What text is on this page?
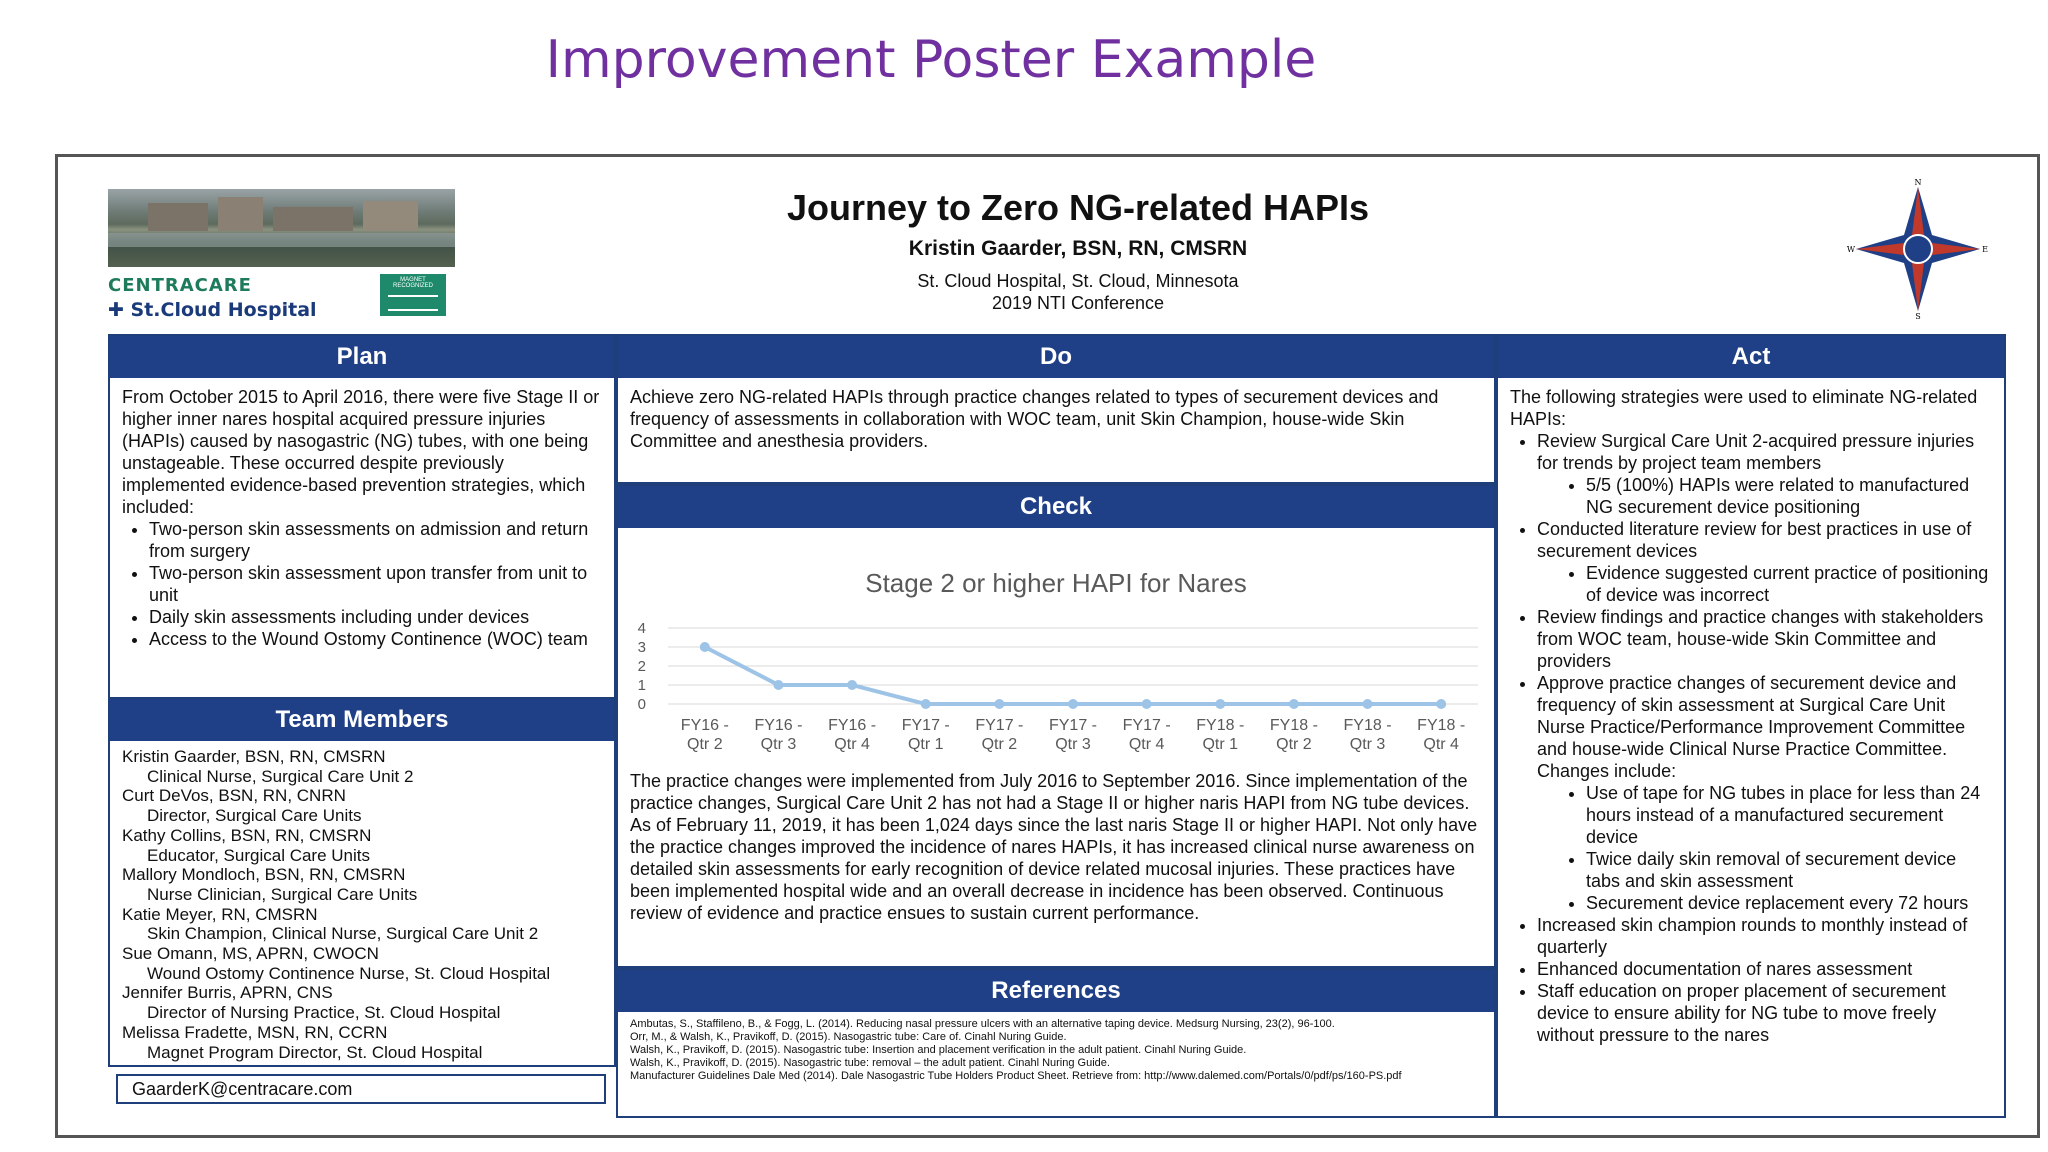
Improvement Poster Example
CENTRACARE
✚ St.Cloud Hospital
MAGNET RECOGNIZED
Journey to Zero NG-related HAPIs
Kristin Gaarder, BSN, RN, CMSRN
St. Cloud Hospital, St. Cloud, Minnesota
2019 NTI Conference
N
S
E
W
Plan
From October 2015 to April 2016, there were five Stage II or higher inner nares hospital acquired pressure injuries (HAPIs) caused by nasogastric (NG) tubes, with one being unstageable. These occurred despite previously implemented evidence-based prevention strategies, which included:
• Two-person skin assessments on admission and return from surgery
• Two-person skin assessment upon transfer from unit to unit
• Daily skin assessments including under devices
• Access to the Wound Ostomy Continence (WOC) team
Team Members
Kristin Gaarder, BSN, RN, CMSRN
Clinical Nurse, Surgical Care Unit 2
Curt DeVos, BSN, RN, CNRN
Director, Surgical Care Units
Kathy Collins, BSN, RN, CMSRN
Educator, Surgical Care Units
Mallory Mondloch, BSN, RN, CMSRN
Nurse Clinician, Surgical Care Units
Katie Meyer, RN, CMSRN
Skin Champion, Clinical Nurse, Surgical Care Unit 2
Sue Omann, MS, APRN, CWOCN
Wound Ostomy Continence Nurse, St. Cloud Hospital
Jennifer Burris, APRN, CNS
Director of Nursing Practice, St. Cloud Hospital
Melissa Fradette, MSN, RN, CCRN
Magnet Program Director, St. Cloud Hospital
GaarderK@centracare.com
Do
Achieve zero NG-related HAPIs through practice changes related to types of securement devices and frequency of assessments in collaboration with WOC team, unit Skin Champion, house-wide Skin Committee and anesthesia providers.
Check
Stage 2 or higher HAPI for Nares
0
1
2
3
4
FY16 -
Qtr 2
FY16 -
Qtr 3
FY16 -
Qtr 4
FY17 -
Qtr 1
FY17 -
Qtr 2
FY17 -
Qtr 3
FY17 -
Qtr 4
FY18 -
Qtr 1
FY18 -
Qtr 2
FY18 -
Qtr 3
FY18 -
Qtr 4
The practice changes were implemented from July 2016 to September 2016. Since implementation of the practice changes, Surgical Care Unit 2 has not had a Stage II or higher naris HAPI from NG tube devices. As of February 11, 2019, it has been 1,024 days since the last naris Stage II or higher HAPI. Not only have the practice changes improved the incidence of nares HAPIs, it has increased clinical nurse awareness on detailed skin assessments for early recognition of device related mucosal injuries. These practices have been implemented hospital wide and an overall decrease in incidence has been observed. Continuous review of evidence and practice ensues to sustain current performance.
References
Ambutas, S., Staffileno, B., & Fogg, L. (2014). Reducing nasal pressure ulcers with an alternative taping device. Medsurg Nursing, 23(2), 96-100.
Orr, M., & Walsh, K., Pravikoff, D. (2015). Nasogastric tube: Care of. Cinahl Nuring Guide.
Walsh, K., Pravikoff, D. (2015). Nasogastric tube: Insertion and placement verification in the adult patient. Cinahl Nuring Guide.
Walsh, K., Pravikoff, D. (2015). Nasogastric tube: removal – the adult patient. Cinahl Nuring Guide.
Manufacturer Guidelines Dale Med (2014). Dale Nasogastric Tube Holders Product Sheet. Retrieve from: http://www.dalemed.com/Portals/0/pdf/ps/160-PS.pdf
Act
The following strategies were used to eliminate NG-related HAPIs:
• Review Surgical Care Unit 2-acquired pressure injuries for trends by project team members
• 5/5 (100%) HAPIs were related to manufactured NG securement device positioning
• Conducted literature review for best practices in use of securement devices
• Evidence suggested current practice of positioning of device was incorrect
• Review findings and practice changes with stakeholders from WOC team, house-wide Skin Committee and providers
• Approve practice changes of securement device and frequency of skin assessment at Surgical Care Unit Nurse Practice/Performance Improvement Committee and house-wide Clinical Nurse Practice Committee. Changes include:
• Use of tape for NG tubes in place for less than 24 hours instead of a manufactured securement device
• Twice daily skin removal of securement device tabs and skin assessment
• Securement device replacement every 72 hours
• Increased skin champion rounds to monthly instead of quarterly
• Enhanced documentation of nares assessment
• Staff education on proper placement of securement device to ensure ability for NG tube to move freely without pressure to the nares
